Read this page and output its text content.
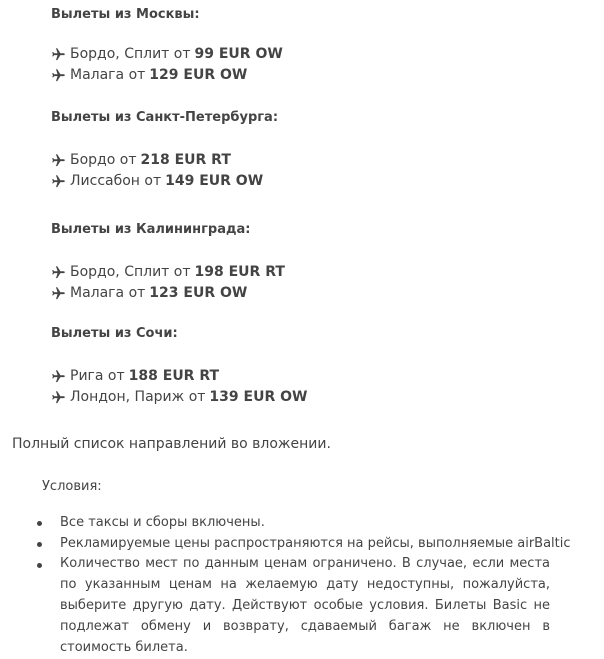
Вылеты из Москвы:
Бордо, Сплит от 99 EUR OW
Малага от 129 EUR OW
Вылеты из Санкт-Петербурга:
Бордо от 218 EUR RT
Лиссабон от 149 EUR OW
Вылеты из Калининграда:
Бордо, Сплит от 198 EUR RT
Малага от 123 EUR OW
Вылеты из Сочи:
Рига от 188 EUR RT
Лондон, Париж от 139 EUR OW
Полный список направлений во вложении.
Условия:
Все таксы и сборы включены.
Рекламируемые цены распространяются на рейсы, выполняемые airBaltic
Количество мест по данным ценам ограничено. В случае, если места по указанным ценам на желаемую дату недоступны, пожалуйста, выберите другую дату. Действуют особые условия. Билеты Basic не подлежат обмену и возврату, сдаваемый багаж не включен в стоимость билета.
